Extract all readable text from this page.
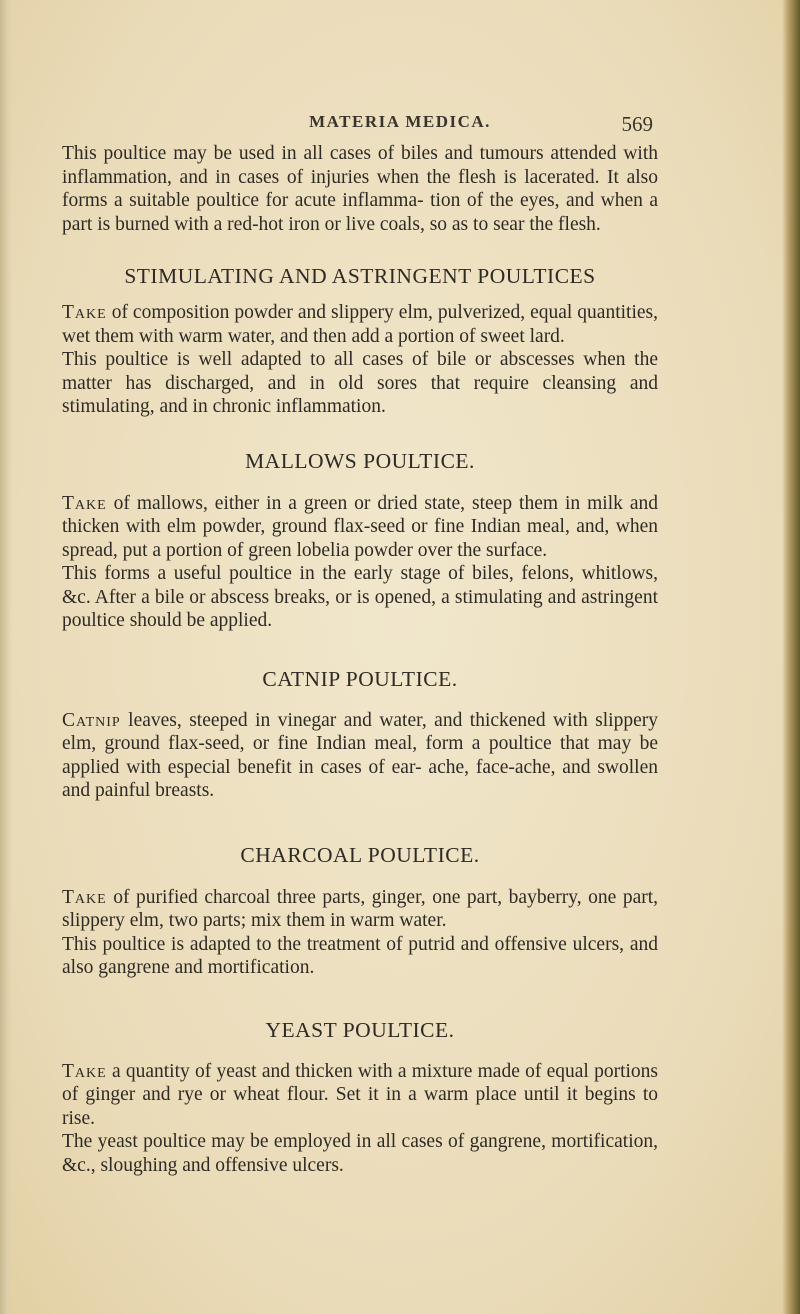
MATERIA MEDICA.	569

This poultice may be used in all cases of biles and tumours attended with inflammation, and in cases of injuries when the flesh is lacerated. It also forms a suitable poultice for acute inflamma- tion of the eyes, and when a part is burned with a red-hot iron or live coals, so as to sear the flesh.

STIMULATING AND ASTRINGENT POULTICES

Take of composition powder and slippery elm, pulverized, equal quantities, wet them with warm water, and then add a portion of sweet lard.

This poultice is well adapted to all cases of bile or abscesses when the matter has discharged, and in old sores that require cleansing and stimulating, and in chronic inflammation.

MALLOWS POULTICE.

Take of mallows, either in a green or dried state, steep them in milk and thicken with elm powder, ground flax-seed or fine Indian meal, and, when spread, put a portion of green lobelia powder over the surface.

This forms a useful poultice in the early stage of biles, felons, whitlows, &c. After a bile or abscess breaks, or is opened, a stimulating and astringent poultice should be applied.

CATNIP POULTICE.

Catnip leaves, steeped in vinegar and water, and thickened with slippery elm, ground flax-seed, or fine Indian meal, form a poultice that may be applied with especial benefit in cases of ear- ache, face-ache, and swollen and painful breasts.

CHARCOAL POULTICE.

Take of purified charcoal three parts, ginger, one part, bayberry, one part, slippery elm, two parts; mix them in warm water.

This poultice is adapted to the treatment of putrid and offensive ulcers, and also gangrene and mortification.

YEAST POULTICE.

Take a quantity of yeast and thicken with a mixture made of equal portions of ginger and rye or wheat flour. Set it in a warm place until it begins to rise.

The yeast poultice may be employed in all cases of gangrene, mortification, &c., sloughing and offensive ulcers.
